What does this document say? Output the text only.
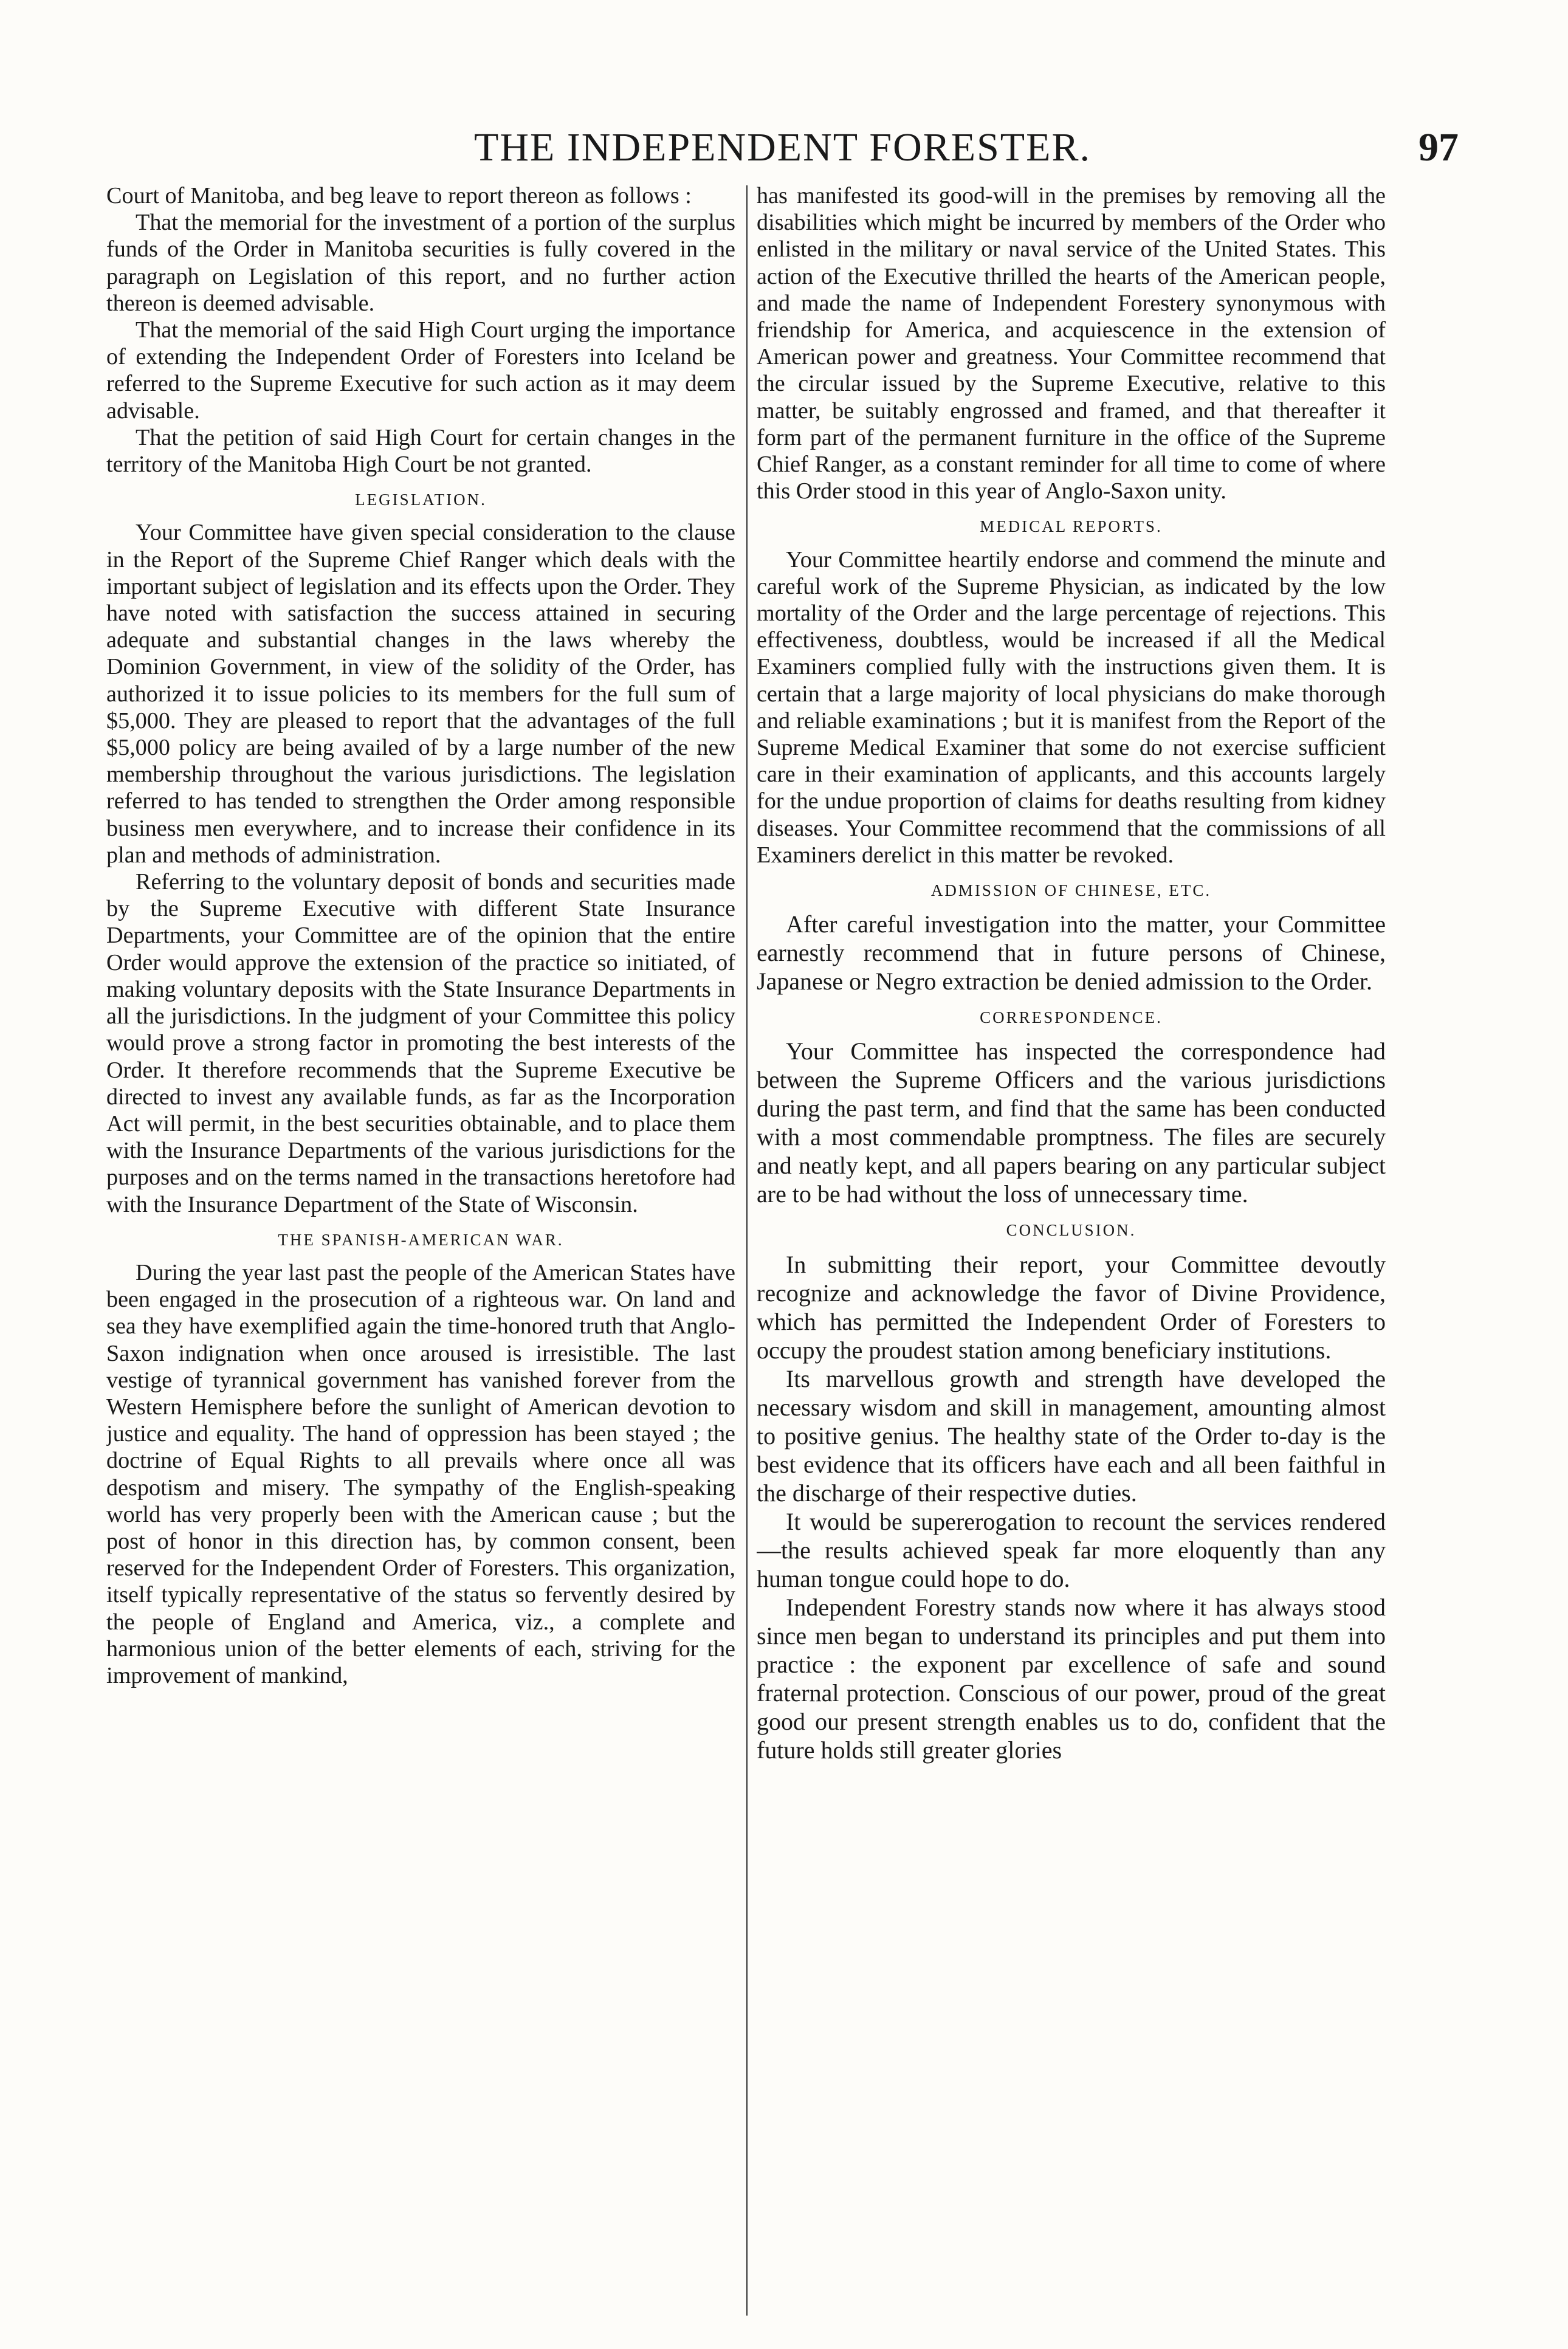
THE INDEPENDENT FORESTER.	97

Court of Manitoba, and beg leave to report thereon as follows :

That the memorial for the investment of a portion of the surplus funds of the Order in Manitoba securities is fully covered in the paragraph on Legislation of this report, and no further action thereon is deemed advisable.

That the memorial of the said High Court urging the importance of extending the Independent Order of Foresters into Iceland be referred to the Supreme Executive for such action as it may deem advisable.

That the petition of said High Court for certain changes in the territory of the Manitoba High Court be not granted.

LEGISLATION.

Your Committee have given special consideration to the clause in the Report of the Supreme Chief Ranger which deals with the important subject of legislation and its effects upon the Order. They have noted with satisfaction the success attained in securing adequate and substantial changes in the laws whereby the Dominion Government, in view of the solidity of the Order, has authorized it to issue policies to its members for the full sum of $5,000. They are pleased to report that the advantages of the full $5,000 policy are being availed of by a large number of the new membership throughout the various jurisdictions. The legislation referred to has tended to strengthen the Order among responsible business men everywhere, and to increase their confidence in its plan and methods of administration.

Referring to the voluntary deposit of bonds and securities made by the Supreme Executive with different State Insurance Departments, your Committee are of the opinion that the entire Order would approve the extension of the practice so initiated, of making voluntary deposits with the State Insurance Departments in all the jurisdictions. In the judgment of your Committee this policy would prove a strong factor in promoting the best interests of the Order. It therefore recommends that the Supreme Executive be directed to invest any available funds, as far as the Incorporation Act will permit, in the best securities obtainable, and to place them with the Insurance Departments of the various jurisdictions for the purposes and on the terms named in the transactions heretofore had with the Insurance Department of the State of Wisconsin.

THE SPANISH-AMERICAN WAR.

During the year last past the people of the American States have been engaged in the prosecution of a righteous war. On land and sea they have exemplified again the time-honored truth that Anglo-Saxon indignation when once aroused is irresistible. The last vestige of tyrannical government has vanished forever from the Western Hemisphere before the sunlight of American devotion to justice and equality. The hand of oppression has been stayed ; the doctrine of Equal Rights to all prevails where once all was despotism and misery. The sympathy of the English-speaking world has very properly been with the American cause ; but the post of honor in this direction has, by common consent, been reserved for the Independent Order of Foresters. This organization, itself typically representative of the status so fervently desired by the people of England and America, viz., a complete and harmonious union of the better elements of each, striving for the improvement of mankind,

has manifested its good-will in the premises by removing all the disabilities which might be incurred by members of the Order who enlisted in the military or naval service of the United States. This action of the Executive thrilled the hearts of the American people, and made the name of Independent Forestery synonymous with friendship for America, and acquiescence in the extension of American power and greatness. Your Committee recommend that the circular issued by the Supreme Executive, relative to this matter, be suitably engrossed and framed, and that thereafter it form part of the permanent furniture in the office of the Supreme Chief Ranger, as a constant reminder for all time to come of where this Order stood in this year of Anglo-Saxon unity.

MEDICAL REPORTS.

Your Committee heartily endorse and commend the minute and careful work of the Supreme Physician, as indicated by the low mortality of the Order and the large percentage of rejections. This effectiveness, doubtless, would be increased if all the Medical Examiners complied fully with the instructions given them. It is certain that a large majority of local physicians do make thorough and reliable examinations ; but it is manifest from the Report of the Supreme Medical Examiner that some do not exercise sufficient care in their examination of applicants, and this accounts largely for the undue proportion of claims for deaths resulting from kidney diseases. Your Committee recommend that the commissions of all Examiners derelict in this matter be revoked.

ADMISSION OF CHINESE, ETC.

After careful investigation into the matter, your Committee earnestly recommend that in future persons of Chinese, Japanese or Negro extraction be denied admission to the Order.

CORRESPONDENCE.

Your Committee has inspected the correspondence had between the Supreme Officers and the various jurisdictions during the past term, and find that the same has been conducted with a most commendable promptness. The files are securely and neatly kept, and all papers bearing on any particular subject are to be had without the loss of unnecessary time.

CONCLUSION.

In submitting their report, your Committee devoutly recognize and acknowledge the favor of Divine Providence, which has permitted the Independent Order of Foresters to occupy the proudest station among beneficiary institutions.

Its marvellous growth and strength have developed the necessary wisdom and skill in management, amounting almost to positive genius. The healthy state of the Order to-day is the best evidence that its officers have each and all been faithful in the discharge of their respective duties.

It would be supererogation to recount the services rendered—the results achieved speak far more eloquently than any human tongue could hope to do.

Independent Forestry stands now where it has always stood since men began to understand its principles and put them into practice : the exponent par excellence of safe and sound fraternal protection. Conscious of our power, proud of the great good our present strength enables us to do, confident that the future holds still greater glories
